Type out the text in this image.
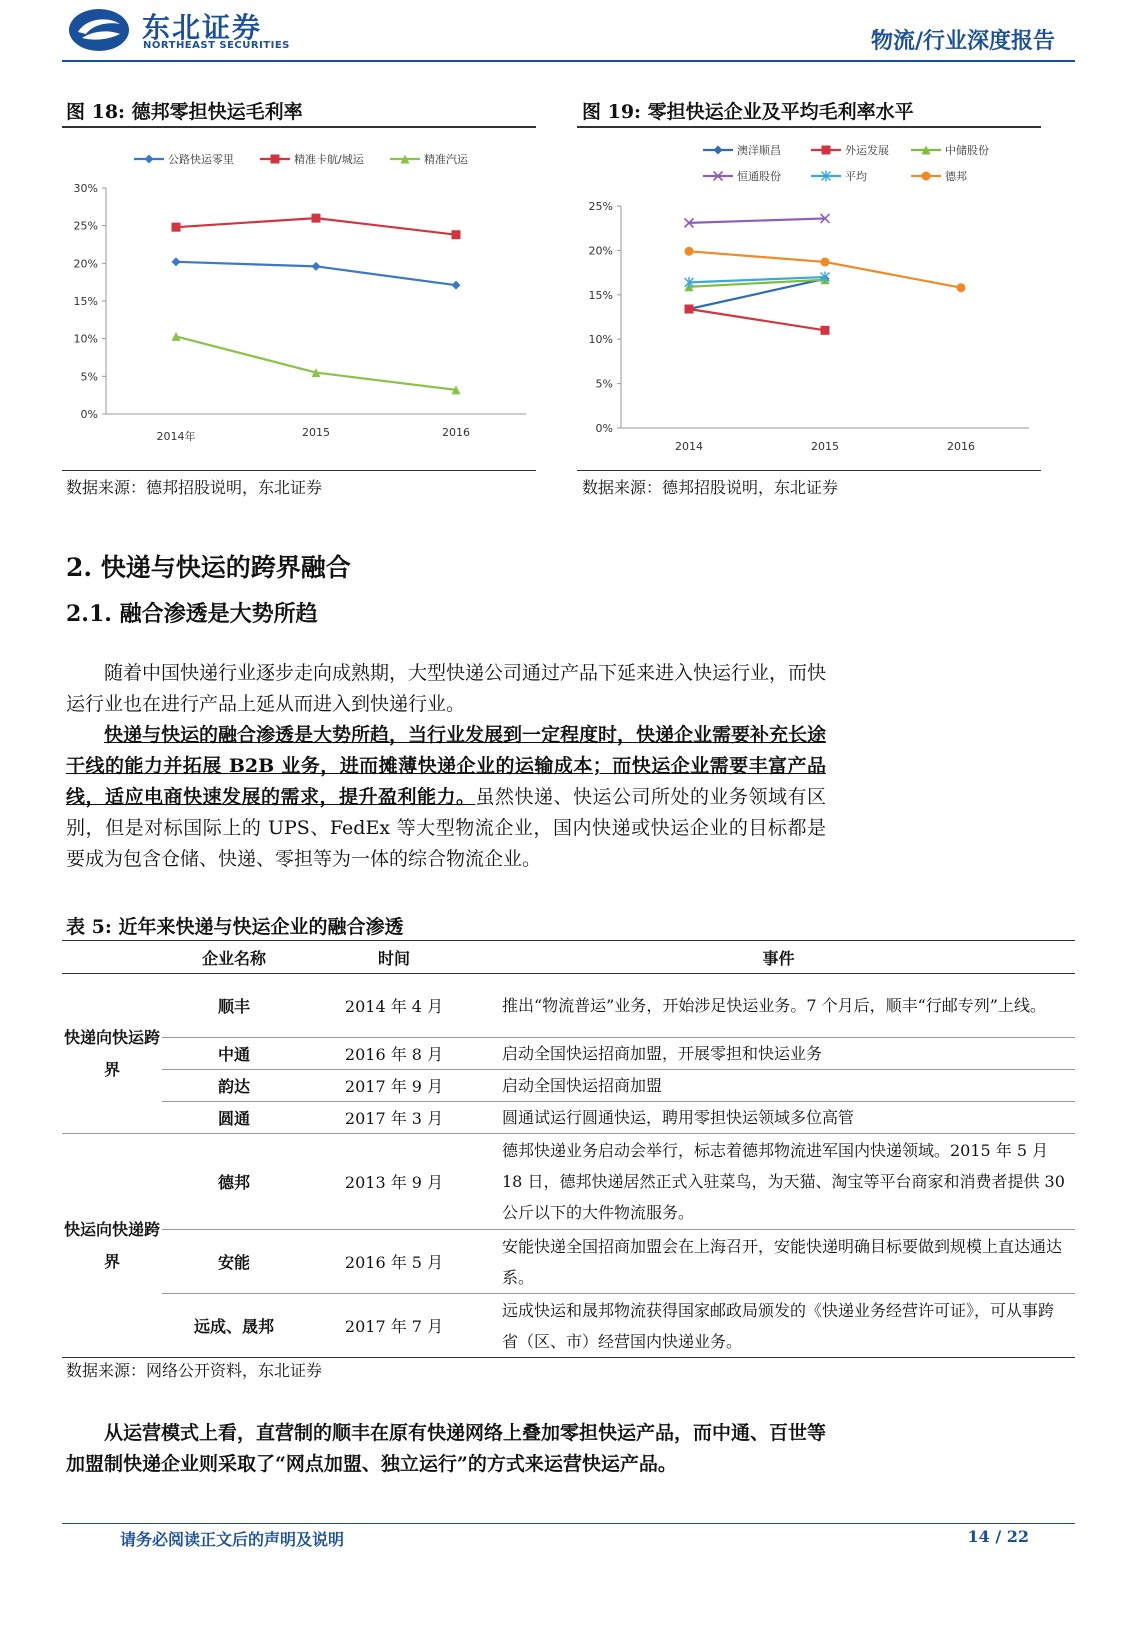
东北证券
NORTHEAST SECURITIES	物流/行业深度报告
图 18: 德邦零担快运毛利率
0%
5%
10%
15%
20%
25%
30%
2014年	2015	2016
公路快运零里	精准卡航/城运	精准汽运
数据来源：德邦招股说明，东北证券
图 19: 零担快运企业及平均毛利率水平
0%
5%
10%
15%
20%
25%
2014	2015	2016
澳洋顺昌	外运发展	中储股份
恒通股份	平均	德邦
数据来源：德邦招股说明，东北证券
2. 快递与快运的跨界融合
2.1. 融合渗透是大势所趋

随着中国快递行业逐步走向成熟期，大型快递公司通过产品下延来进入快运行业，而快运行业也在进行产品上延从而进入到快递行业。

快递与快运的融合渗透是大势所趋，当行业发展到一定程度时，快递企业需要补充长途干线的能力并拓展 B2B 业务，进而摊薄快递企业的运输成本；而快运企业需要丰富产品线，适应电商快速发展的需求，提升盈利能力。虽然快递、快运公司所处的业务领域有区别，但是对标国际上的 UPS、FedEx 等大型物流企业，国内快递或快运企业的目标都是要成为包含仓储、快递、零担等为一体的综合物流企业。

表 5: 近年来快递与快运企业的融合渗透
	企业名称	时间	事件
快递向快运跨界	顺丰	2014 年 4 月	推出“物流普运”业务，开始涉足快运业务。7 个月后，顺丰“行邮专列”上线。
	中通	2016 年 8 月	启动全国快运招商加盟，开展零担和快运业务
	韵达	2017 年 9 月	启动全国快运招商加盟
	圆通	2017 年 3 月	圆通试运行圆通快运，聘用零担快运领域多位高管
快运向快递跨界	德邦	2013 年 9 月	德邦快递业务启动会举行，标志着德邦物流进军国内快递领域。2015 年 5 月 18 日，德邦快递居然正式入驻菜鸟，为天猫、淘宝等平台商家和消费者提供 30 公斤以下的大件物流服务。
	安能	2016 年 5 月	安能快递全国招商加盟会在上海召开，安能快递明确目标要做到规模上直达通达系。
	远成、晟邦	2017 年 7 月	远成快运和晟邦物流获得国家邮政局颁发的《快递业务经营许可证》，可从事跨省（区、市）经营国内快递业务。
数据来源：网络公开资料，东北证券

从运营模式上看，直营制的顺丰在原有快递网络上叠加零担快运产品，而中通、百世等加盟制快递企业则采取了“网点加盟、独立运行”的方式来运营快运产品。

请务必阅读正文后的声明及说明	14 / 22
